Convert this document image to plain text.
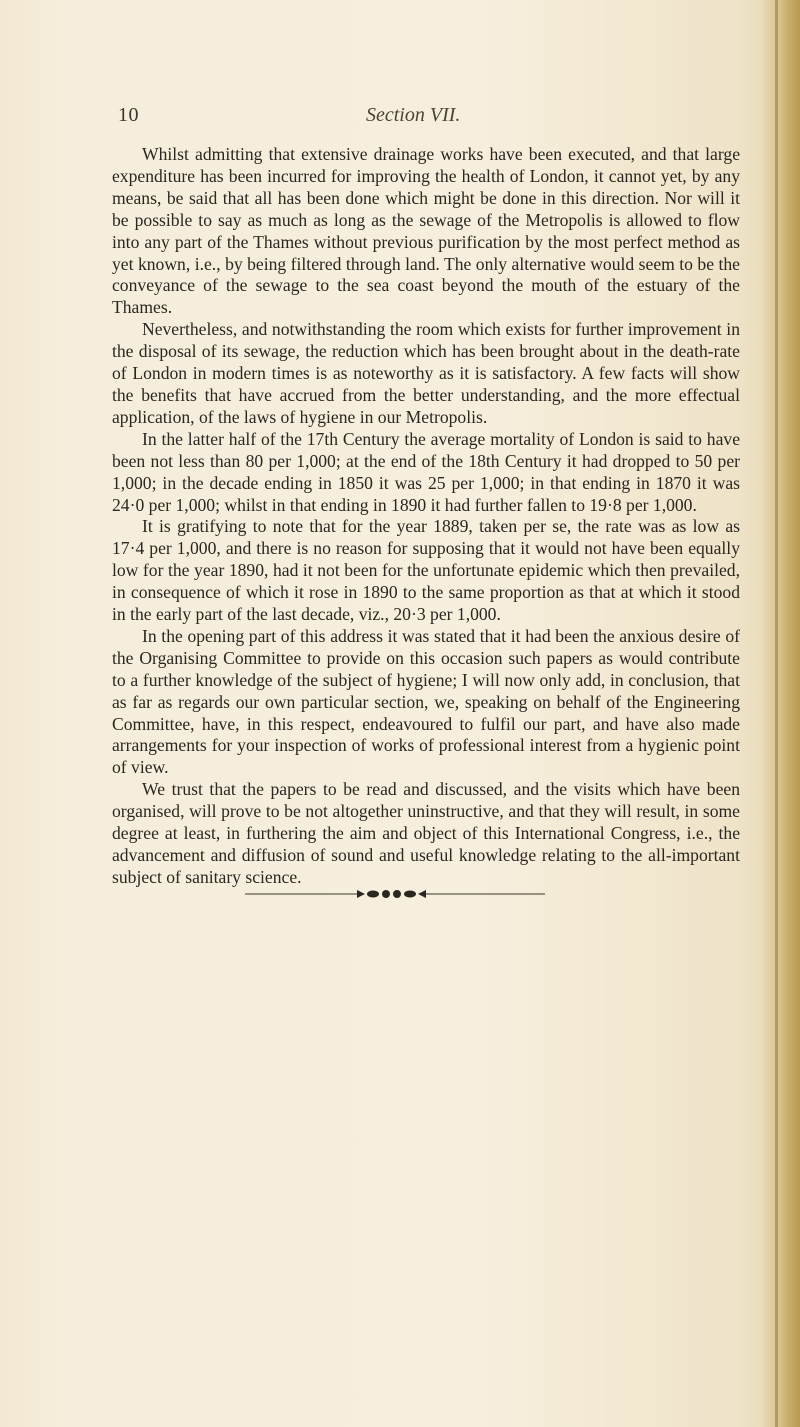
10	Section VII.

Whilst admitting that extensive drainage works have been executed, and that large expenditure has been incurred for improving the health of London, it cannot yet, by any means, be said that all has been done which might be done in this direction. Nor will it be possible to say as much as long as the sewage of the Metropolis is allowed to flow into any part of the Thames without previous purification by the most perfect method as yet known, i.e., by being filtered through land. The only alternative would seem to be the conveyance of the sewage to the sea coast beyond the mouth of the estuary of the Thames.

Nevertheless, and notwithstanding the room which exists for further improvement in the disposal of its sewage, the reduction which has been brought about in the death-rate of London in modern times is as noteworthy as it is satisfactory. A few facts will show the benefits that have accrued from the better understanding, and the more effectual application, of the laws of hygiene in our Metropolis.

In the latter half of the 17th Century the average mortality of London is said to have been not less than 80 per 1,000; at the end of the 18th Century it had dropped to 50 per 1,000; in the decade ending in 1850 it was 25 per 1,000; in that ending in 1870 it was 24·0 per 1,000; whilst in that ending in 1890 it had further fallen to 19·8 per 1,000.

It is gratifying to note that for the year 1889, taken per se, the rate was as low as 17·4 per 1,000, and there is no reason for supposing that it would not have been equally low for the year 1890, had it not been for the unfortunate epidemic which then prevailed, in consequence of which it rose in 1890 to the same proportion as that at which it stood in the early part of the last decade, viz., 20·3 per 1,000.

In the opening part of this address it was stated that it had been the anxious desire of the Organising Committee to provide on this occasion such papers as would contribute to a further knowledge of the subject of hygiene; I will now only add, in conclusion, that as far as regards our own particular section, we, speaking on behalf of the Engineering Committee, have, in this respect, endeavoured to fulfil our part, and have also made arrangements for your inspection of works of professional interest from a hygienic point of view.

We trust that the papers to be read and discussed, and the visits which have been organised, will prove to be not altogether uninstructive, and that they will result, in some degree at least, in furthering the aim and object of this International Congress, i.e., the advancement and diffusion of sound and useful knowledge relating to the all-important subject of sanitary science.
